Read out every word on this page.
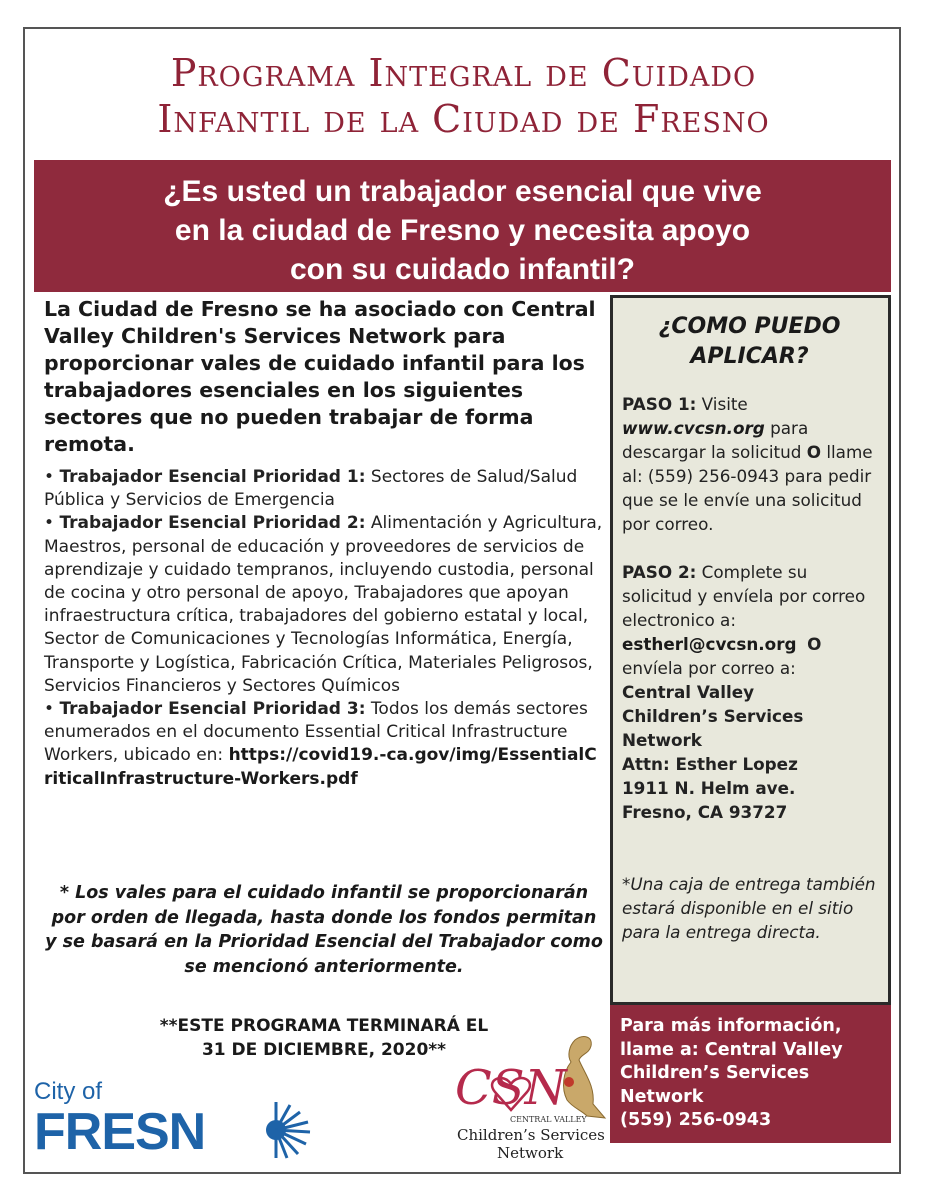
Programa Integral de Cuidado
Infantil de la Ciudad de Fresno
¿Es usted un trabajador esencial que vive
en la ciudad de Fresno y necesita apoyo
con su cuidado infantil?

La Ciudad de Fresno se ha asociado con Central Valley Children's Services Network para proporcionar vales de cuidado infantil para los trabajadores esenciales en los siguientes sectores que no pueden trabajar de forma remota.

• Trabajador Esencial Prioridad 1: Sectores de Salud/Salud Pública y Servicios de Emergencia

• Trabajador Esencial Prioridad 2: Alimentación y Agricultura, Maestros, personal de educación y proveedores de servicios de aprendizaje y cuidado tempranos, incluyendo custodia, personal de cocina y otro personal de apoyo, Trabajadores que apoyan infraestructura crítica, trabajadores del gobierno estatal y local, Sector de Comunicaciones y Tecnologías Informática, Energía, Transporte y Logística, Fabricación Crítica, Materiales Peligrosos, Servicios Financieros y Sectores Químicos

• Trabajador Esencial Prioridad 3: Todos los demás sectores enumerados en el documento Essential Critical Infrastructure Workers, ubicado en: https://covid19.-ca.gov/img/EssentialCriticalInfrastructure-Workers.pdf

* Los vales para el cuidado infantil se proporcionarán por orden de llegada, hasta donde los fondos permitan y se basará en la Prioridad Esencial del Trabajador como se mencionó anteriormente.
**ESTE PROGRAMA TERMINARÁ EL
31 DE DICIEMBRE, 2020**
¿COMO PUEDO
APLICAR?

PASO 1: Visite www.cvcsn.org para descargar la solicitud O llame al: (559) 256-0943 para pedir que se le envíe una solicitud por correo.

PASO 2: Complete su solicitud y envíela por correo electronico a: estherl@cvcsn.org O envíela por correo a:
Central Valley
Children’s Services
Network
Attn: Esther Lopez
1911 N. Helm ave.
Fresno, CA 93727

*Una caja de entrega también estará disponible en el sitio para la entrega directa.

Para más información,
llame a: Central Valley
Children’s Services
Network
(559) 256-0943
City of
FRESN
CSN
CENTRAL VALLEY
Children’s Services
Network
